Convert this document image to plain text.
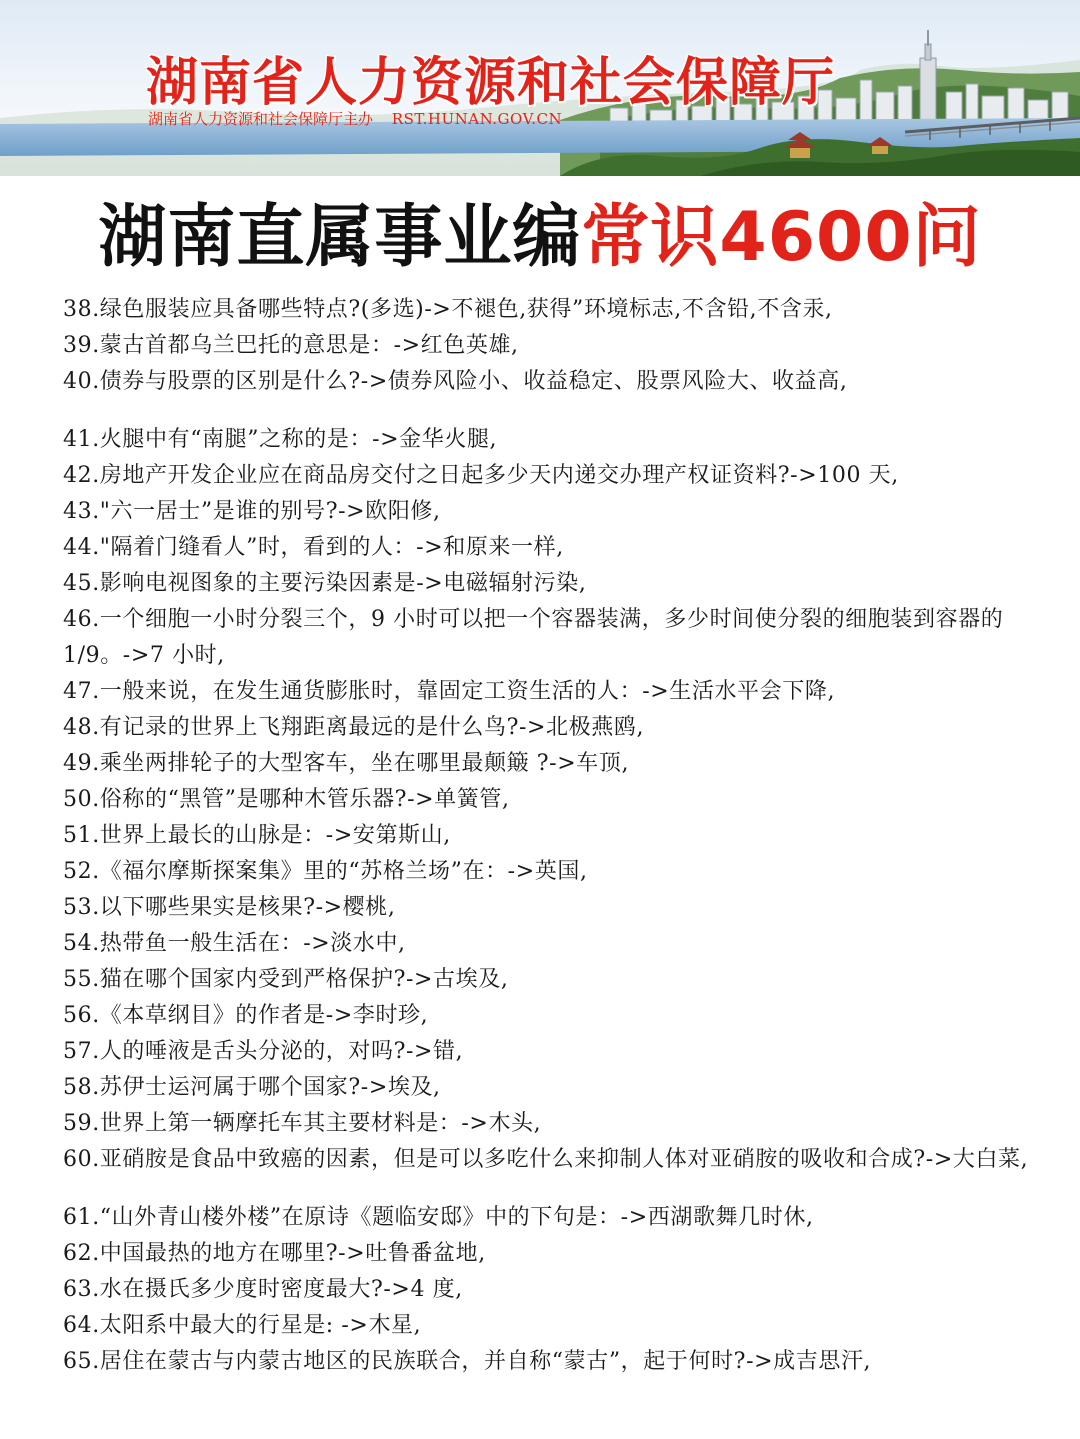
湖南省人力资源和社会保障厅
湖南省人力资源和社会保障厅主办 RST.HUNAN.GOV.CN
湖南直属事业编常识4600问

38.绿色服装应具备哪些特点?(多选)->不褪色,获得”环境标志,不含铅,不含汞,

39.蒙古首都乌兰巴托的意思是：->红色英雄,

40.债券与股票的区别是什么?->债券风险小、收益稳定、股票风险大、收益高,

41.火腿中有“南腿”之称的是：->金华火腿,

42.房地产开发企业应在商品房交付之日起多少天内递交办理产权证资料?->100 天,

43."六一居士”是谁的别号?->欧阳修,

44."隔着门缝看人”时，看到的人：->和原来一样,

45.影响电视图象的主要污染因素是->电磁辐射污染,

46.一个细胞一小时分裂三个，9 小时可以把一个容器装满，多少时间使分裂的细胞装到容器的 1/9。->7 小时,

47.一般来说，在发生通货膨胀时，靠固定工资生活的人：->生活水平会下降,

48.有记录的世界上飞翔距离最远的是什么鸟?->北极燕鸥,

49.乘坐两排轮子的大型客车，坐在哪里最颠簸 ?->车顶,

50.俗称的“黑管”是哪种木管乐器?->单簧管,

51.世界上最长的山脉是：->安第斯山,

52.《福尔摩斯探案集》里的“苏格兰场”在：->英国,

53.以下哪些果实是核果?->樱桃,

54.热带鱼一般生活在：->淡水中,

55.猫在哪个国家内受到严格保护?->古埃及,

56.《本草纲目》的作者是->李时珍,

57.人的唾液是舌头分泌的，对吗?->错,

58.苏伊士运河属于哪个国家?->埃及,

59.世界上第一辆摩托车其主要材料是：->木头,

60.亚硝胺是食品中致癌的因素，但是可以多吃什么来抑制人体对亚硝胺的吸收和合成?->大白菜,

61.“山外青山楼外楼”在原诗《题临安邸》中的下句是：->西湖歌舞几时休,

62.中国最热的地方在哪里?->吐鲁番盆地,

63.水在摄氏多少度时密度最大?->4 度,

64.太阳系中最大的行星是: ->木星,

65.居住在蒙古与内蒙古地区的民族联合，并自称“蒙古”，起于何时?->成吉思汗,
